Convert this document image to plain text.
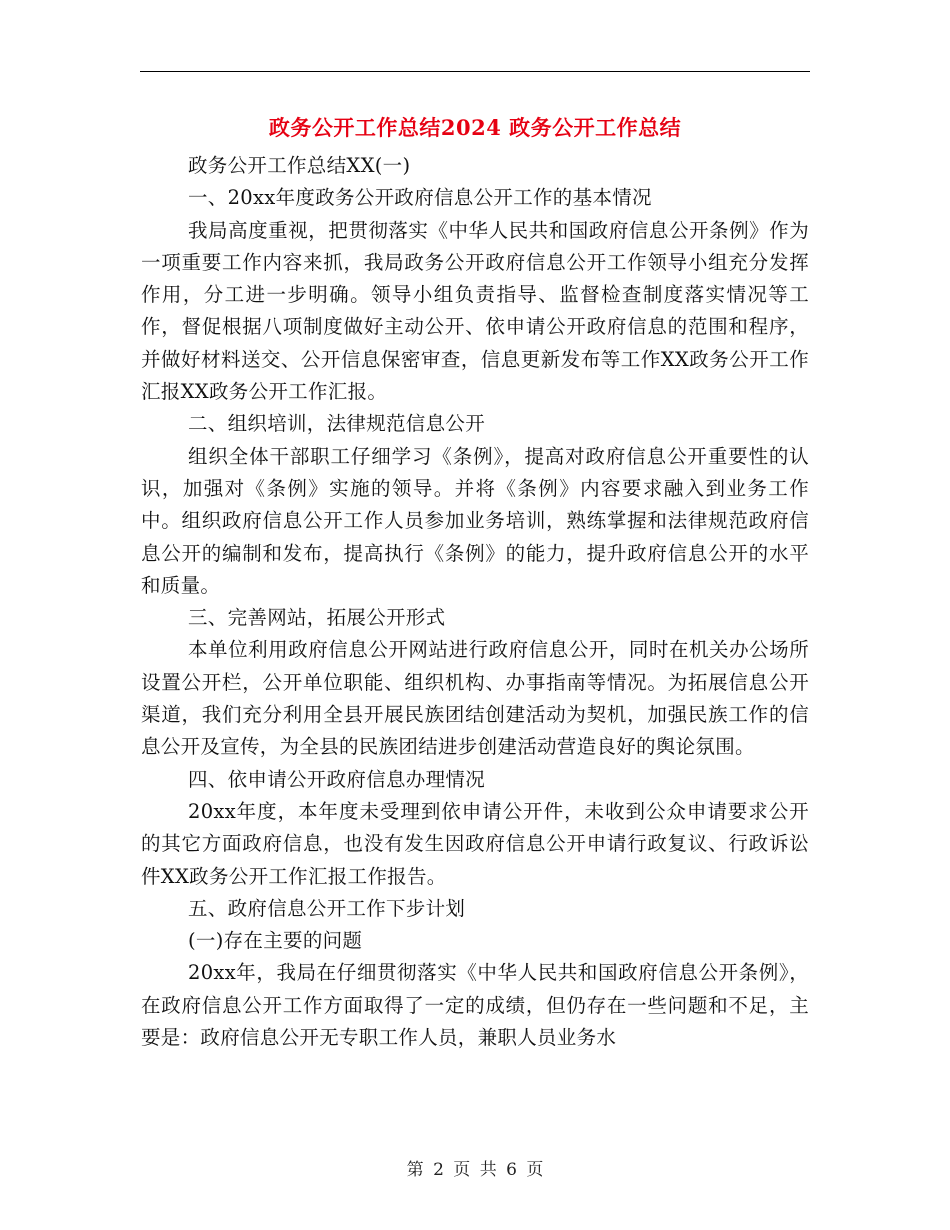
政务公开工作总结2024 政务公开工作总结

政务公开工作总结XX(一)

一、20xx年度政务公开政府信息公开工作的基本情况

我局高度重视，把贯彻落实《中华人民共和国政府信息公开条例》作为一项重要工作内容来抓，我局政务公开政府信息公开工作领导小组充分发挥作用，分工进一步明确。领导小组负责指导、监督检查制度落实情况等工作，督促根据八项制度做好主动公开、依申请公开政府信息的范围和程序，并做好材料送交、公开信息保密审查，信息更新发布等工作XX政务公开工作汇报XX政务公开工作汇报。

二、组织培训，法律规范信息公开

组织全体干部职工仔细学习《条例》，提高对政府信息公开重要性的认识，加强对《条例》实施的领导。并将《条例》内容要求融入到业务工作中。组织政府信息公开工作人员参加业务培训，熟练掌握和法律规范政府信息公开的编制和发布，提高执行《条例》的能力，提升政府信息公开的水平和质量。

三、完善网站，拓展公开形式

本单位利用政府信息公开网站进行政府信息公开，同时在机关办公场所设置公开栏，公开单位职能、组织机构、办事指南等情况。为拓展信息公开渠道，我们充分利用全县开展民族团结创建活动为契机，加强民族工作的信息公开及宣传，为全县的民族团结进步创建活动营造良好的舆论氛围。

四、依申请公开政府信息办理情况

20xx年度，本年度未受理到依申请公开件，未收到公众申请要求公开的其它方面政府信息，也没有发生因政府信息公开申请行政复议、行政诉讼件XX政务公开工作汇报工作报告。

五、政府信息公开工作下步计划

(一)存在主要的问题

20xx年，我局在仔细贯彻落实《中华人民共和国政府信息公开条例》，在政府信息公开工作方面取得了一定的成绩，但仍存在一些问题和不足，主要是：政府信息公开无专职工作人员，兼职人员业务水

第 2 页 共 6 页
